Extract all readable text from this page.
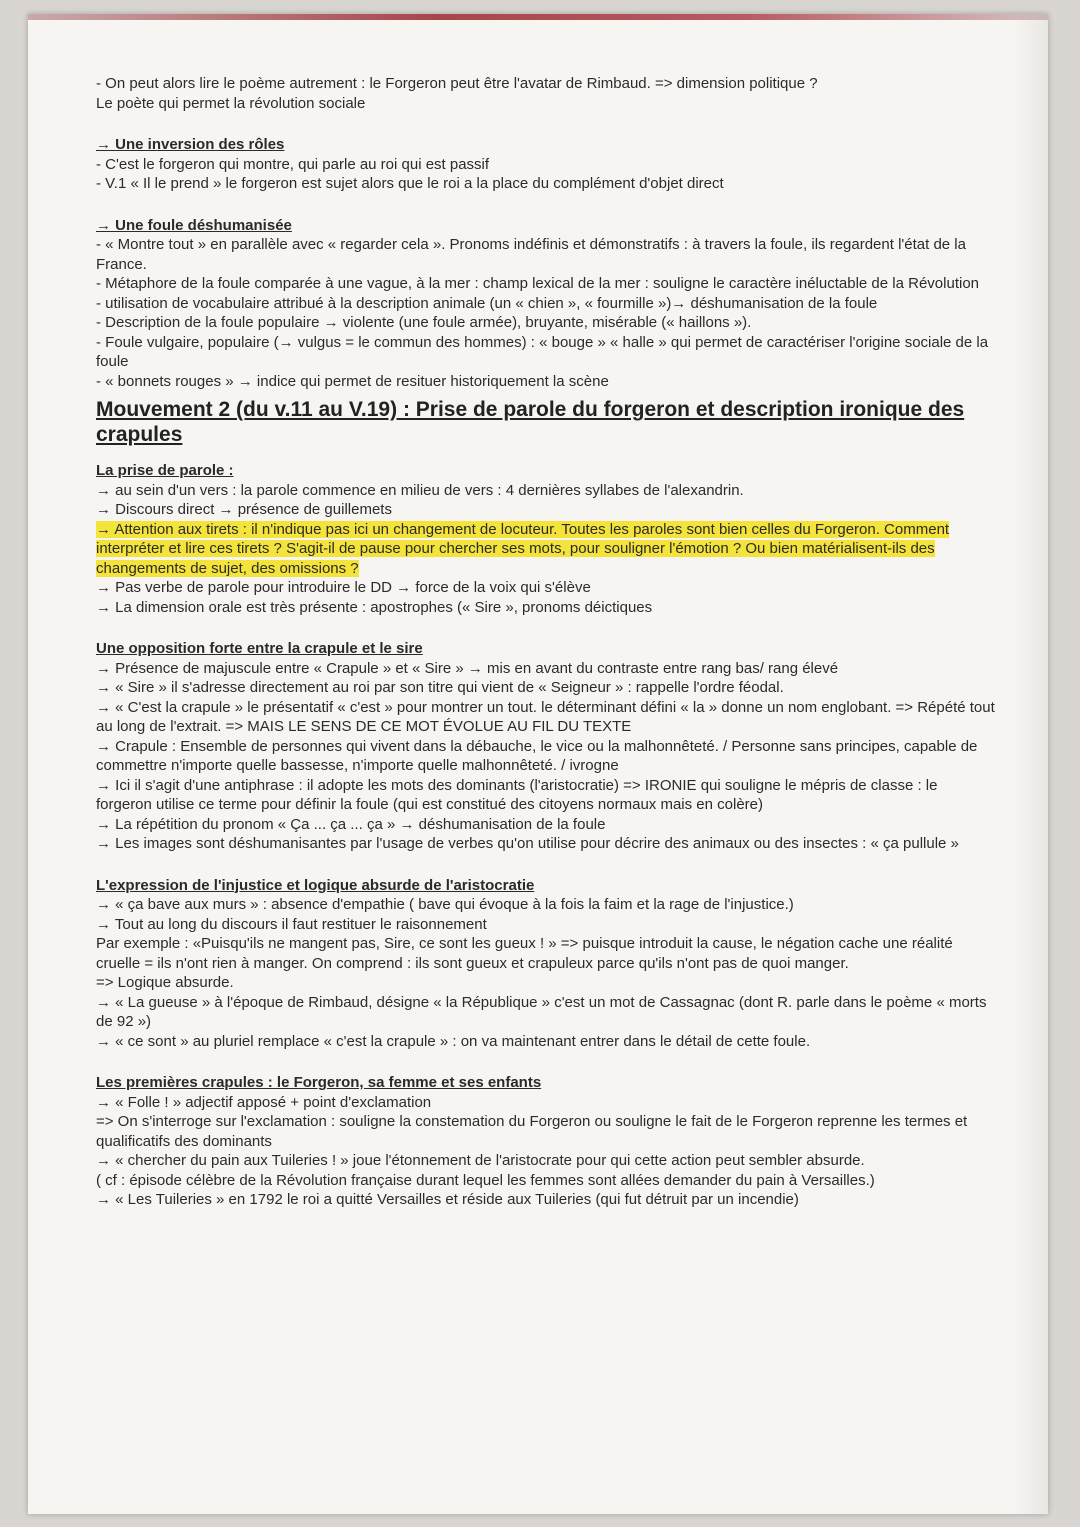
- On peut alors lire le poème autrement : le Forgeron peut être l'avatar de Rimbaud. => dimension politique ?

Le poète qui permet la révolution sociale

→ Une inversion des rôles

- C'est le forgeron qui montre, qui parle au roi qui est passif

- V.1 « Il le prend » le forgeron est sujet alors que le roi a la place du complément d'objet direct

→ Une foule déshumanisée

- « Montre tout » en parallèle avec « regarder cela ». Pronoms indéfinis et démonstratifs : à travers la foule, ils regardent l'état de la France.

- Métaphore de la foule comparée à une vague, à la mer : champ lexical de la mer : souligne le caractère inéluctable de la Révolution

- utilisation de vocabulaire attribué à la description animale (un « chien », « fourmille »)→ déshumanisation de la foule

- Description de la foule populaire → violente (une foule armée), bruyante, misérable (« haillons »).

- Foule vulgaire, populaire (→ vulgus = le commun des hommes) : « bouge » « halle » qui permet de caractériser l'origine sociale de la foule

- « bonnets rouges » → indice qui permet de resituer historiquement la scène

Mouvement 2 (du v.11 au V.19) : Prise de parole du forgeron et description ironique des crapules

La prise de parole :

→ au sein d'un vers : la parole commence en milieu de vers : 4 dernières syllabes de l'alexandrin.

→ Discours direct → présence de guillemets

→ Attention aux tirets : il n'indique pas ici un changement de locuteur. Toutes les paroles sont bien celles du Forgeron. Comment interpréter et lire ces tirets ? S'agit-il de pause pour chercher ses mots, pour souligner l'émotion ? Ou bien matérialisent-ils des changements de sujet, des omissions ?

→ Pas verbe de parole pour introduire le DD → force de la voix qui s'élève

→ La dimension orale est très présente : apostrophes (« Sire », pronoms déictiques

Une opposition forte entre la crapule et le sire

→ Présence de majuscule entre « Crapule » et « Sire » → mis en avant du contraste entre rang bas/ rang élevé

→ « Sire » il s'adresse directement au roi par son titre qui vient de « Seigneur » : rappelle l'ordre féodal.

→ « C'est la crapule » le présentatif « c'est » pour montrer un tout. le déterminant défini « la » donne un nom englobant. => Répété tout au long de l'extrait. => MAIS LE SENS DE CE MOT ÉVOLUE AU FIL DU TEXTE

→ Crapule : Ensemble de personnes qui vivent dans la débauche, le vice ou la malhonnêteté. / Personne sans principes, capable de commettre n'importe quelle bassesse, n'importe quelle malhonnêteté. / ivrogne

→ Ici il s'agit d'une antiphrase : il adopte les mots des dominants (l'aristocratie) => IRONIE qui souligne le mépris de classe : le forgeron utilise ce terme pour définir la foule (qui est constitué des citoyens normaux mais en colère)

→ La répétition du pronom « Ça ... ça ... ça » → déshumanisation de la foule

→ Les images sont déshumanisantes par l'usage de verbes qu'on utilise pour décrire des animaux ou des insectes : « ça pullule »

L'expression de l'injustice et logique absurde de l'aristocratie

→ « ça bave aux murs » : absence d'empathie ( bave qui évoque à la fois la faim et la rage de l'injustice.)

→ Tout au long du discours il faut restituer le raisonnement

Par exemple : «Puisqu'ils ne mangent pas, Sire, ce sont les gueux ! » => puisque introduit la cause, le négation cache une réalité cruelle = ils n'ont rien à manger. On comprend : ils sont gueux et crapuleux parce qu'ils n'ont pas de quoi manger.

=> Logique absurde.

→ « La gueuse » à l'époque de Rimbaud, désigne « la République » c'est un mot de Cassagnac (dont R. parle dans le poème « morts de 92 »)

→ « ce sont » au pluriel remplace « c'est la crapule » : on va maintenant entrer dans le détail de cette foule.

Les premières crapules : le Forgeron, sa femme et ses enfants

→ « Folle ! » adjectif apposé + point d'exclamation

=> On s'interroge sur l'exclamation : souligne la constemation du Forgeron ou souligne le fait de le Forgeron reprenne les termes et qualificatifs des dominants

→ « chercher du pain aux Tuileries ! » joue l'étonnement de l'aristocrate pour qui cette action peut sembler absurde.

( cf : épisode célèbre de la Révolution française durant lequel les femmes sont allées demander du pain à Versailles.)

→ « Les Tuileries » en 1792 le roi a quitté Versailles et réside aux Tuileries (qui fut détruit par un incendie)
